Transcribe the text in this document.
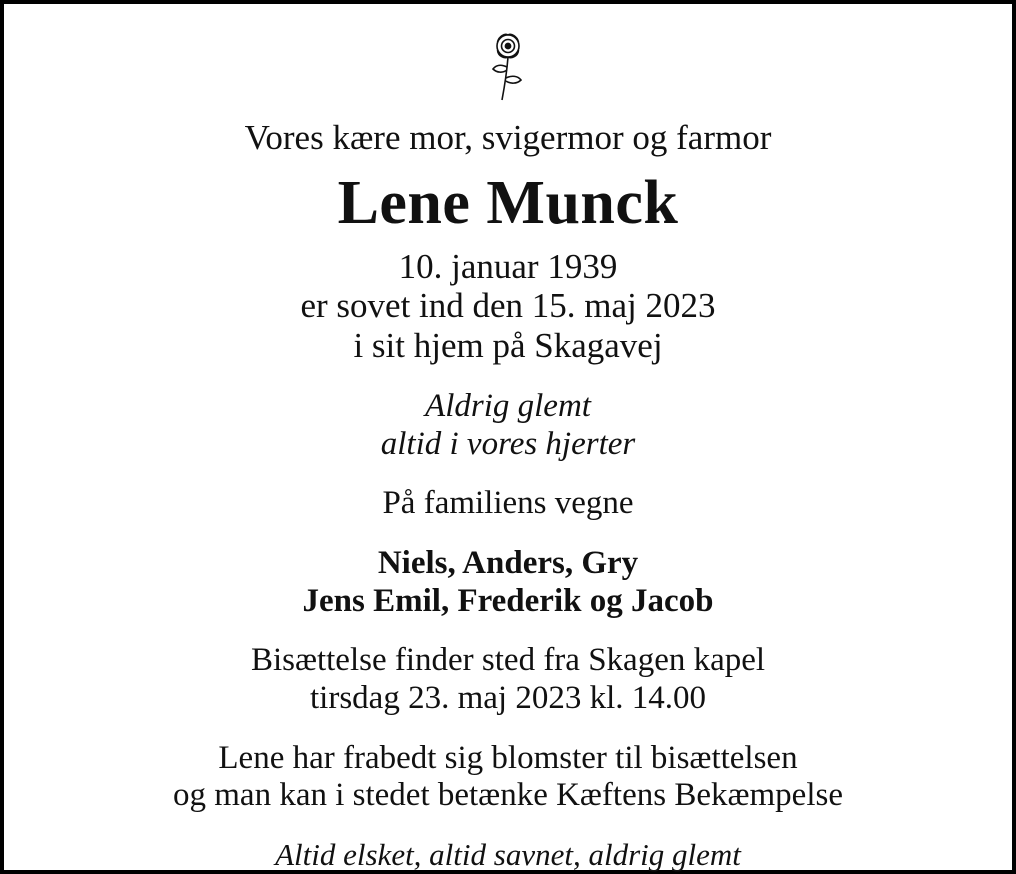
Vores kære mor, svigermor og farmor
Lene Munck
10. januar 1939
er sovet ind den 15. maj 2023
i sit hjem på Skagavej
Aldrig glemt
altid i vores hjerter
På familiens vegne
Niels, Anders, Gry
Jens Emil, Frederik og Jacob
Bisættelse finder sted fra Skagen kapel
tirsdag 23. maj 2023 kl. 14.00
Lene har frabedt sig blomster til bisættelsen
og man kan i stedet betænke Kæftens Bekæmpelse
Altid elsket, altid savnet, aldrig glemt
